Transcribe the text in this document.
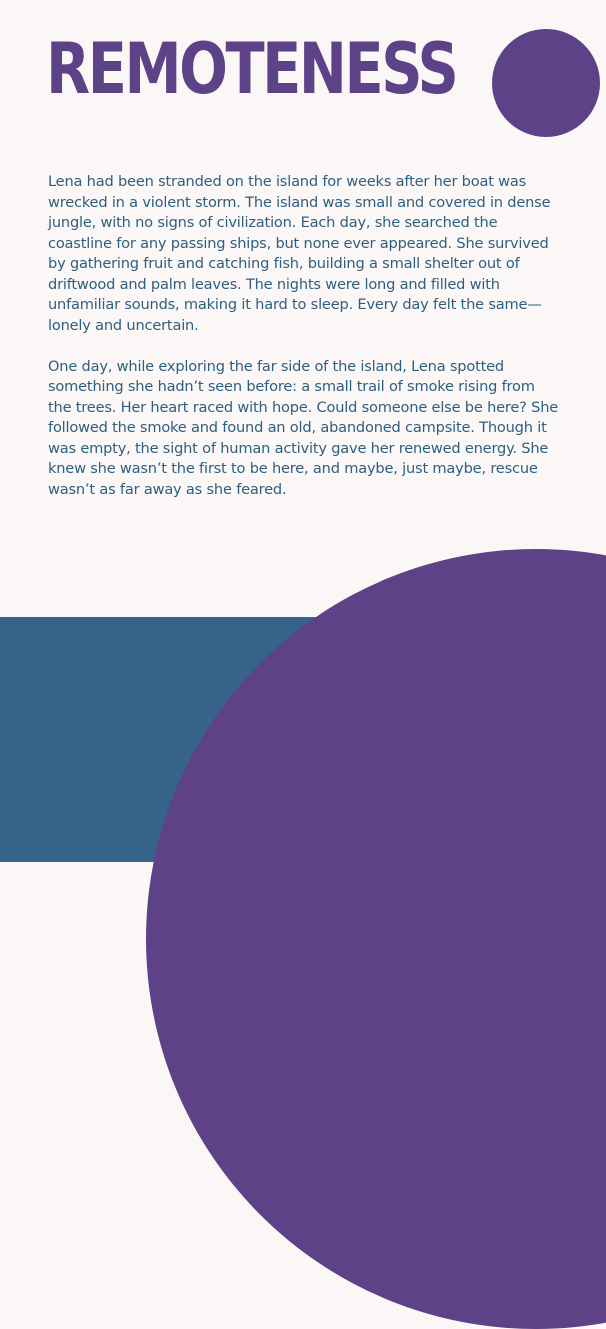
REMOTENESS

Lena had been stranded on the island for weeks after her boat was wrecked in a violent storm. The island was small and covered in dense jungle, with no signs of civilization. Each day, she searched the coastline for any passing ships, but none ever appeared. She survived by gathering fruit and catching fish, building a small shelter out of driftwood and palm leaves. The nights were long and filled with unfamiliar sounds, making it hard to sleep. Every day felt the same—lonely and uncertain.

One day, while exploring the far side of the island, Lena spotted something she hadn’t seen before: a small trail of smoke rising from the trees. Her heart raced with hope. Could someone else be here? She followed the smoke and found an old, abandoned campsite. Though it was empty, the sight of human activity gave her renewed energy. She knew she wasn’t the first to be here, and maybe, just maybe, rescue wasn’t as far away as she feared.
